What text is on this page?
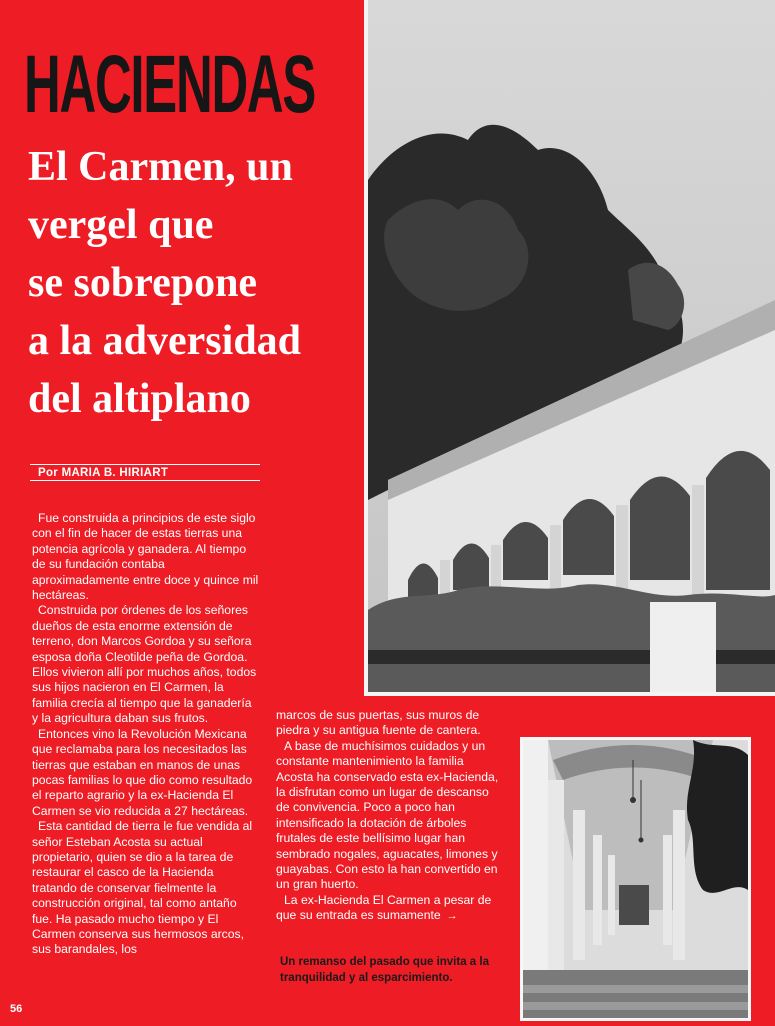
HACIENDAS
El Carmen, un
vergel que
se sobrepone
a la adversidad
del altiplano
Por MARIA B. HIRIART

Fue construida a principios de este siglo con el fin de hacer de estas tierras una potencia agrícola y ganadera. Al tiempo de su fundación contaba aproximadamente entre doce y quince mil hectáreas.

Construida por órdenes de los señores dueños de esta enorme extensión de terreno, don Marcos Gordoa y su señora esposa doña Cleotilde peña de Gordoa. Ellos vivieron allí por muchos años, todos sus hijos nacieron en El Carmen, la familia crecía al tiempo que la ganadería y la agricultura daban sus frutos.

Entonces vino la Revolución Mexicana que reclamaba para los necesitados las tierras que estaban en manos de unas pocas familias lo que dio como resultado el reparto agrario y la ex-Hacienda El Carmen se vio reducida a 27 hectáreas.

Esta cantidad de tierra le fue vendida al señor Esteban Acosta su actual propietario, quien se dio a la tarea de restaurar el casco de la Hacienda tratando de conservar fielmente la construcción original, tal como antaño fue. Ha pasado mucho tiempo y El Carmen conserva sus hermosos arcos, sus barandales, los

marcos de sus puertas, sus muros de piedra y su antigua fuente de cantera.

A base de muchísimos cuidados y un constante mantenimiento la familia Acosta ha conservado esta ex-Hacienda, la disfrutan como un lugar de descanso de convivencia. Poco a poco han intensificado la dotación de árboles frutales de este bellísimo lugar han sembrado nogales, aguacates, limones y guayabas. Con esto la han convertido en un gran huerto.

La ex-Hacienda El Carmen a pesar de que su entrada es sumamente →

Un remanso del pasado que invita a la tranquilidad y al esparcimiento.
56
